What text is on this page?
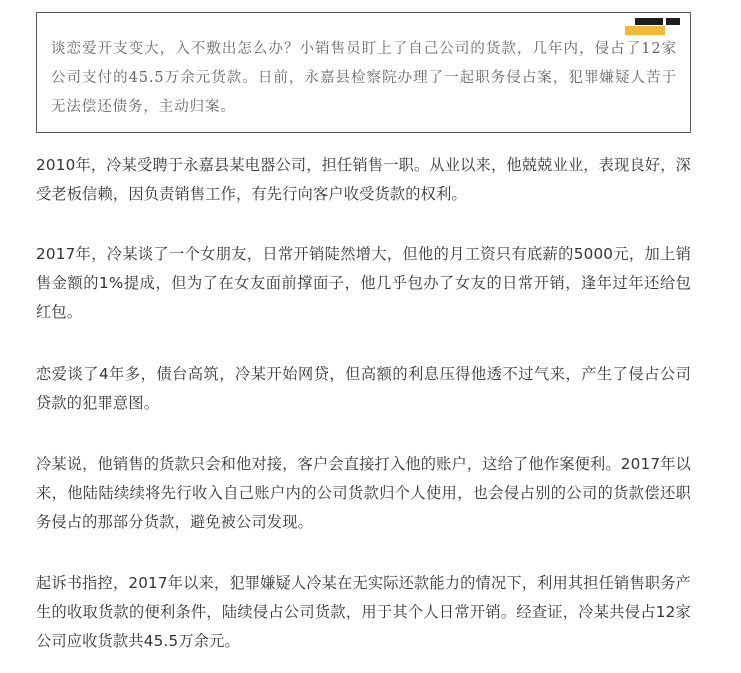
谈恋爱开支变大，入不敷出怎么办？小销售员盯上了自己公司的货款，几年内，侵占了12家公司支付的45.5万余元货款。日前，永嘉县检察院办理了一起职务侵占案，犯罪嫌疑人苦于无法偿还债务，主动归案。

2010年，冷某受聘于永嘉县某电器公司，担任销售一职。从业以来，他兢兢业业，表现良好，深受老板信赖，因负责销售工作，有先行向客户收受货款的权利。

2017年，冷某谈了一个女朋友，日常开销陡然增大，但他的月工资只有底薪的5000元，加上销售金额的1%提成，但为了在女友面前撑面子，他几乎包办了女友的日常开销，逢年过年还给包红包。

恋爱谈了4年多，债台高筑，冷某开始网贷，但高额的利息压得他透不过气来，产生了侵占公司贷款的犯罪意图。

冷某说，他销售的货款只会和他对接，客户会直接打入他的账户，这给了他作案便利。2017年以来，他陆陆续续将先行收入自己账户内的公司货款归个人使用，也会侵占别的公司的货款偿还职务侵占的那部分货款，避免被公司发现。

起诉书指控，2017年以来，犯罪嫌疑人冷某在无实际还款能力的情况下，利用其担任销售职务产生的收取货款的便利条件，陆续侵占公司货款，用于其个人日常开销。经查证，冷某共侵占12家公司应收货款共45.5万余元。
